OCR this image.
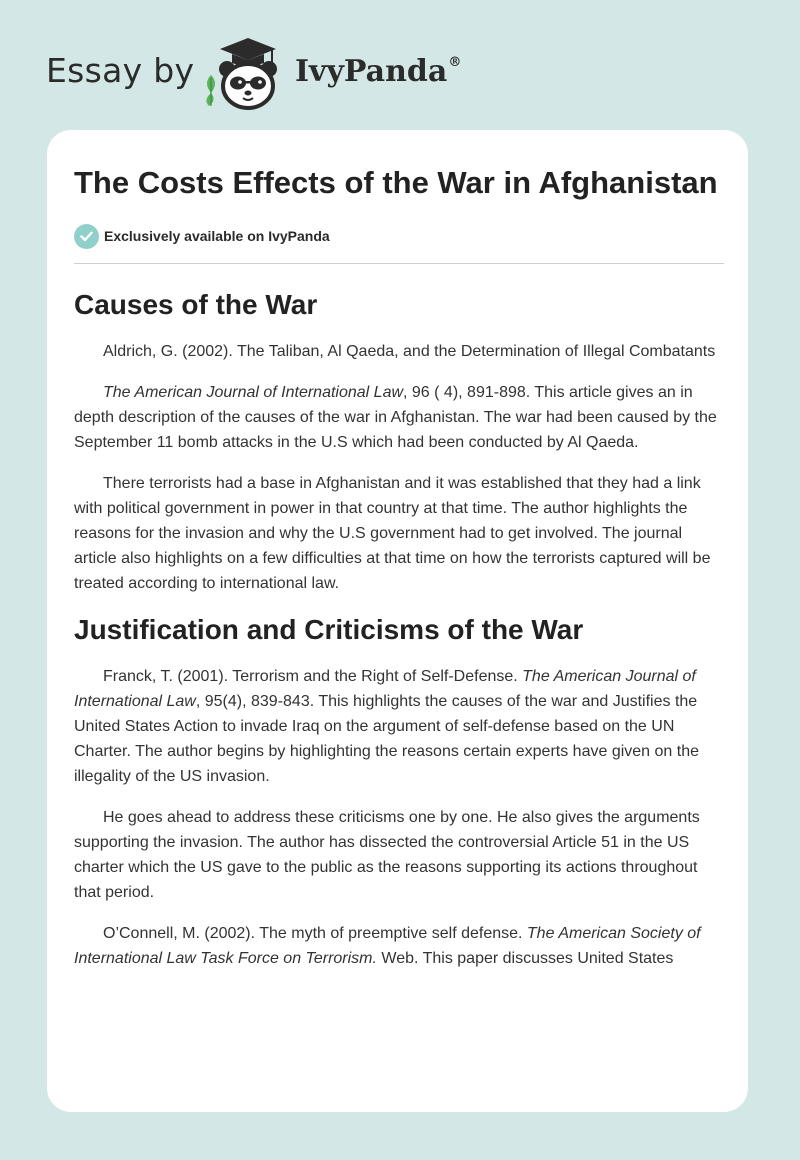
Essay by	IvyPanda®
The Costs Effects of the War in Afghanistan
Exclusively available on IvyPanda
Causes of the War

Aldrich, G. (2002). The Taliban, Al Qaeda, and the Determination of Illegal Combatants

The American Journal of International Law, 96 ( 4), 891-898. This article gives an in depth description of the causes of the war in Afghanistan. The war had been caused by the September 11 bomb attacks in the U.S which had been conducted by Al Qaeda.

There terrorists had a base in Afghanistan and it was established that they had a link with political government in power in that country at that time. The author highlights the reasons for the invasion and why the U.S government had to get involved. The journal article also highlights on a few difficulties at that time on how the terrorists captured will be treated according to international law.

Justification and Criticisms of the War

Franck, T. (2001). Terrorism and the Right of Self-Defense. The American Journal of International Law, 95(4), 839-843. This highlights the causes of the war and Justifies the United States Action to invade Iraq on the argument of self-defense based on the UN Charter. The author begins by highlighting the reasons certain experts have given on the illegality of the US invasion.

He goes ahead to address these criticisms one by one. He also gives the arguments supporting the invasion. The author has dissected the controversial Article 51 in the US charter which the US gave to the public as the reasons supporting its actions throughout that period.

O’Connell, M. (2002). The myth of preemptive self defense. The American Society of International Law Task Force on Terrorism. Web. This paper discusses United States
